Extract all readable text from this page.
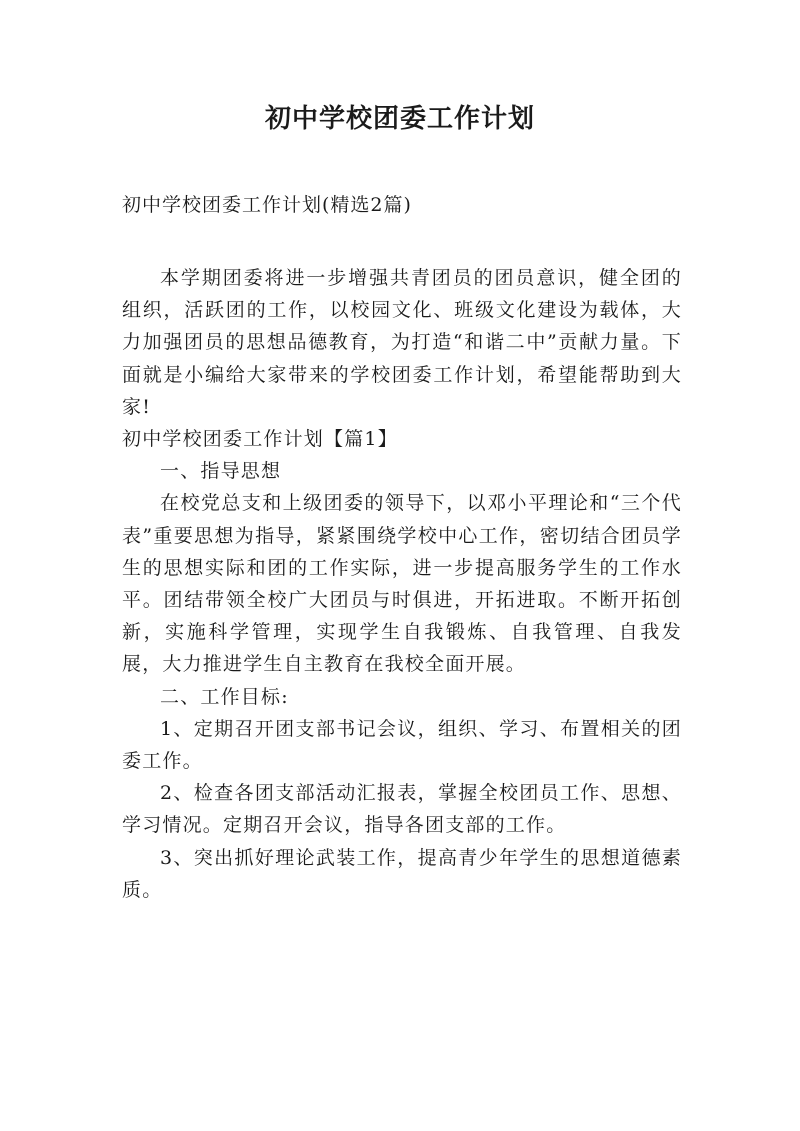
初中学校团委工作计划
初中学校团委工作计划(精选2篇)

本学期团委将进一步增强共青团员的团员意识，健全团的组织，活跃团的工作，以校园文化、班级文化建设为载体，大力加强团员的思想品德教育，为打造“和谐二中”贡献力量。下面就是小编给大家带来的学校团委工作计划，希望能帮助到大家!

初中学校团委工作计划【篇1】

一、指导思想

在校党总支和上级团委的领导下，以邓小平理论和“三个代表”重要思想为指导，紧紧围绕学校中心工作，密切结合团员学生的思想实际和团的工作实际，进一步提高服务学生的工作水平。团结带领全校广大团员与时俱进，开拓进取。不断开拓创新，实施科学管理，实现学生自我锻炼、自我管理、自我发展，大力推进学生自主教育在我校全面开展。

二、工作目标:

1、定期召开团支部书记会议，组织、学习、布置相关的团委工作。

2、检查各团支部活动汇报表，掌握全校团员工作、思想、学习情况。定期召开会议，指导各团支部的工作。

3、突出抓好理论武装工作，提高青少年学生的思想道德素质。
